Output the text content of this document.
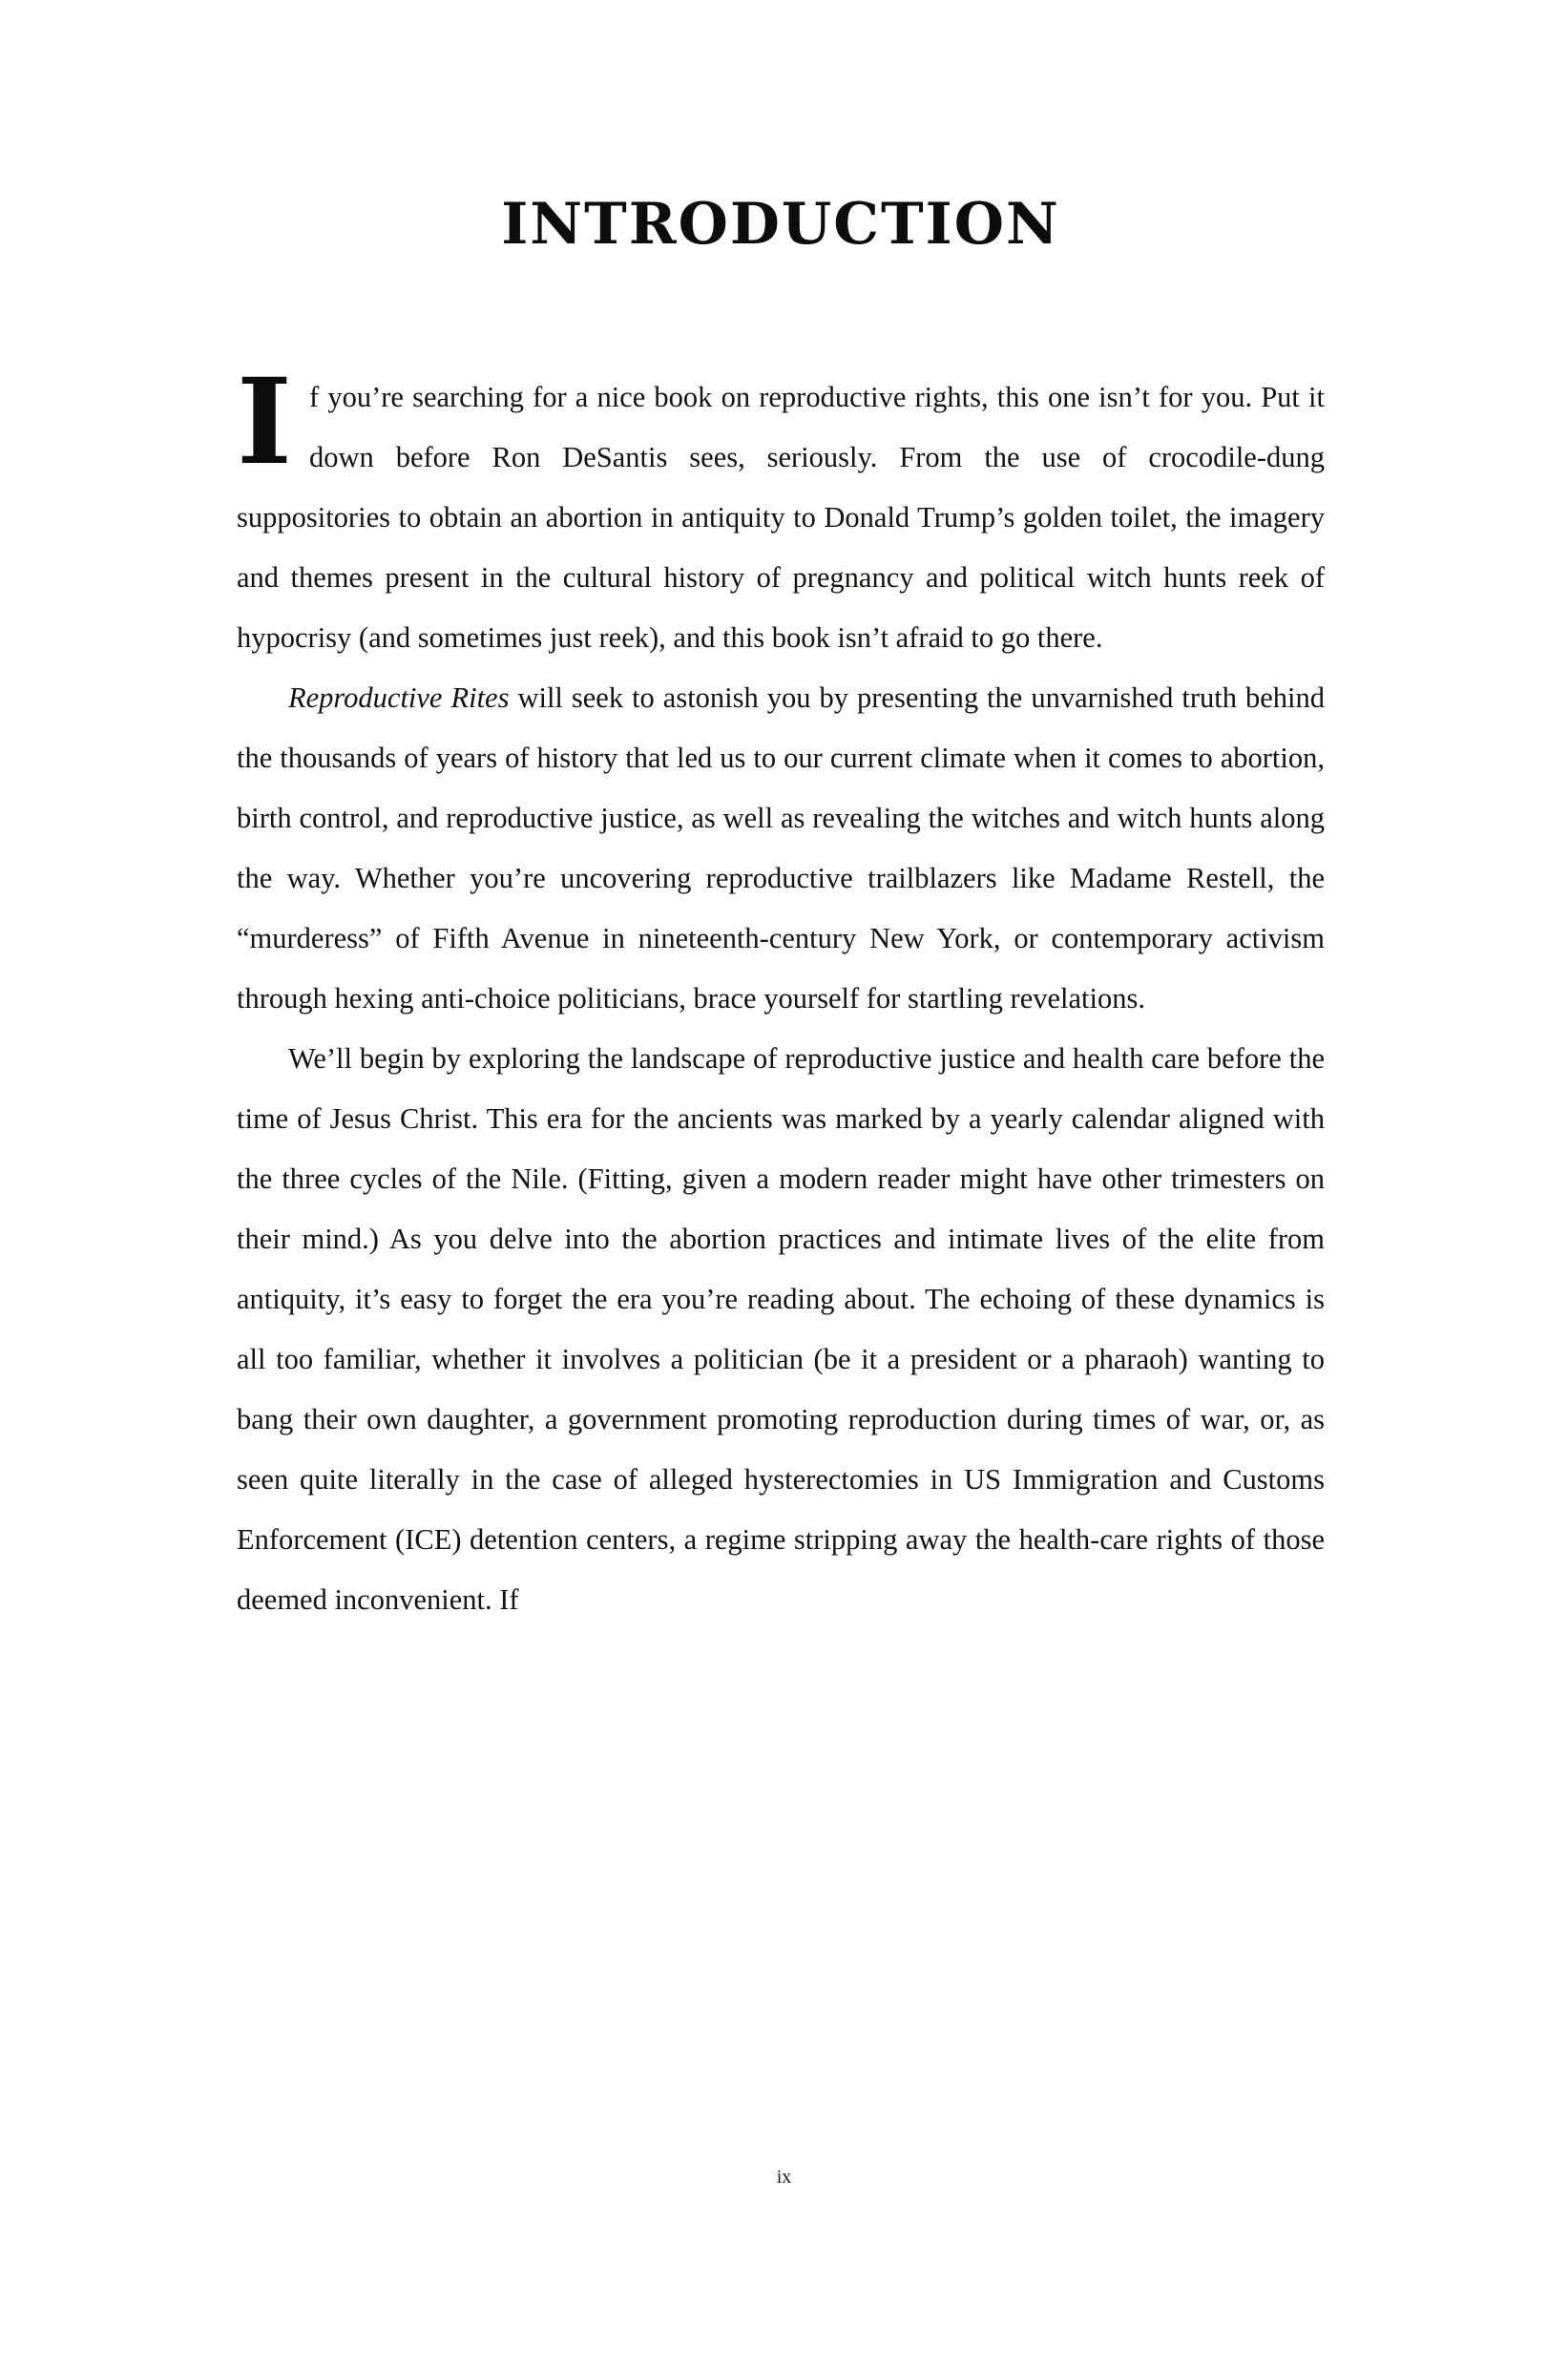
INTRODUCTION

If you’re searching for a nice book on reproductive rights, this one isn’t for you. Put it down before Ron DeSantis sees, seriously. From the use of crocodile-dung suppositories to obtain an abortion in antiquity to Donald Trump’s golden toilet, the imagery and themes present in the cultural history of pregnancy and political witch hunts reek of hypocrisy (and sometimes just reek), and this book isn’t afraid to go there.

Reproductive Rites will seek to astonish you by presenting the unvarnished truth behind the thousands of years of history that led us to our current climate when it comes to abortion, birth control, and reproductive justice, as well as revealing the witches and witch hunts along the way. Whether you’re uncovering reproductive trailblazers like Madame Restell, the “murderess” of Fifth Avenue in nineteenth-century New York, or contemporary activism through hexing anti-choice politicians, brace yourself for startling revelations.

We’ll begin by exploring the landscape of reproductive justice and health care before the time of Jesus Christ. This era for the ancients was marked by a yearly calendar aligned with the three cycles of the Nile. (Fitting, given a modern reader might have other trimesters on their mind.) As you delve into the abortion practices and intimate lives of the elite from antiquity, it’s easy to forget the era you’re reading about. The echoing of these dynamics is all too familiar, whether it involves a politician (be it a president or a pharaoh) wanting to bang their own daughter, a government promoting reproduction during times of war, or, as seen quite literally in the case of alleged hysterectomies in US Immigration and Customs Enforcement (ICE) detention centers, a regime stripping away the health-care rights of those deemed inconvenient. If

ix
